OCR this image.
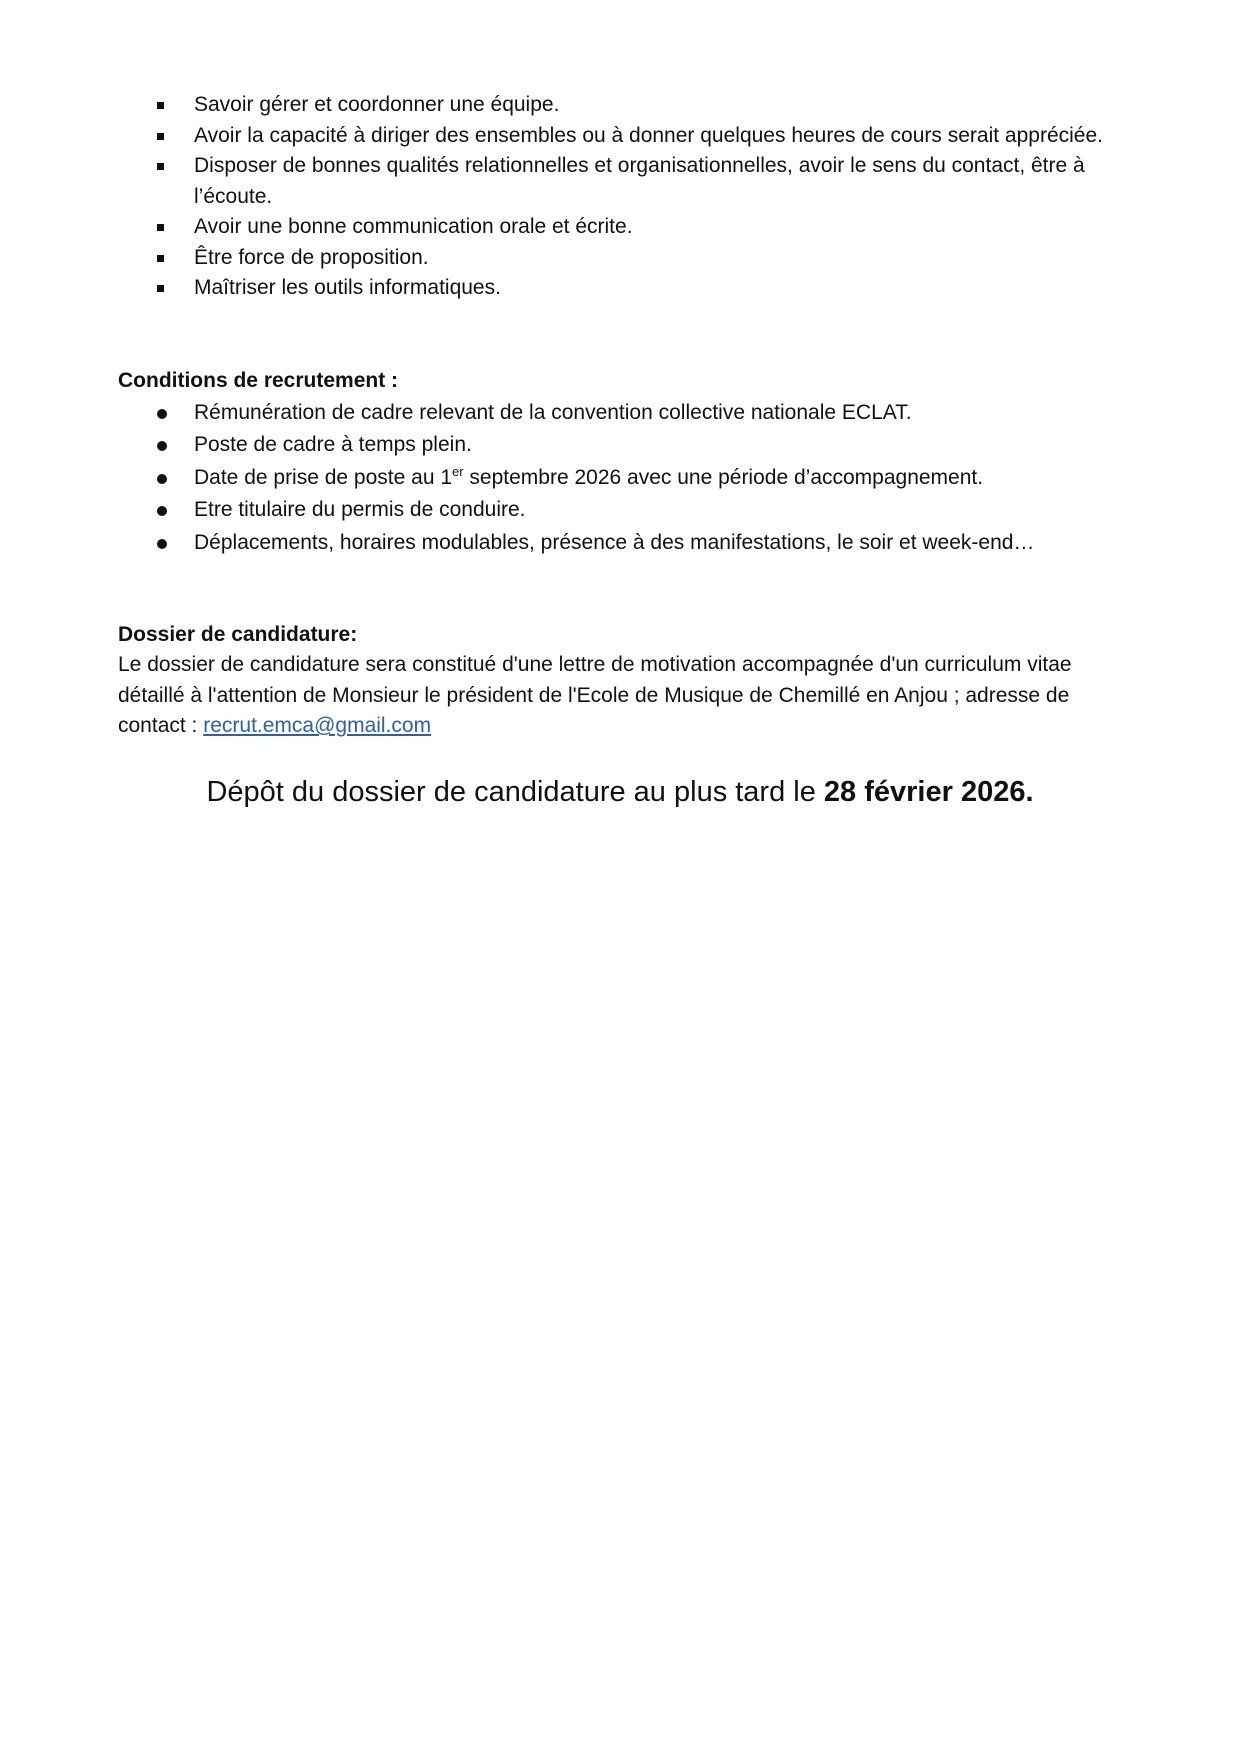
Savoir gérer et coordonner une équipe.
Avoir la capacité à diriger des ensembles ou à donner quelques heures de cours serait appréciée.
Disposer de bonnes qualités relationnelles et organisationnelles, avoir le sens du contact, être à l’écoute.
Avoir une bonne communication orale et écrite.
Être force de proposition.
Maîtriser les outils informatiques.
Conditions de recrutement :
Rémunération de cadre relevant de la convention collective nationale ECLAT.
Poste de cadre à temps plein.
Date de prise de poste au 1er septembre 2026 avec une période d’accompagnement.
Etre titulaire du permis de conduire.
Déplacements, horaires modulables, présence à des manifestations, le soir et week-end…
Dossier de candidature:
Le dossier de candidature sera constitué d'une lettre de motivation accompagnée d'un curriculum vitae détaillé à l'attention de Monsieur le président de l'Ecole de Musique de Chemillé en Anjou ; adresse de contact : recrut.emca@gmail.com
Dépôt du dossier de candidature au plus tard le 28 février 2026.
